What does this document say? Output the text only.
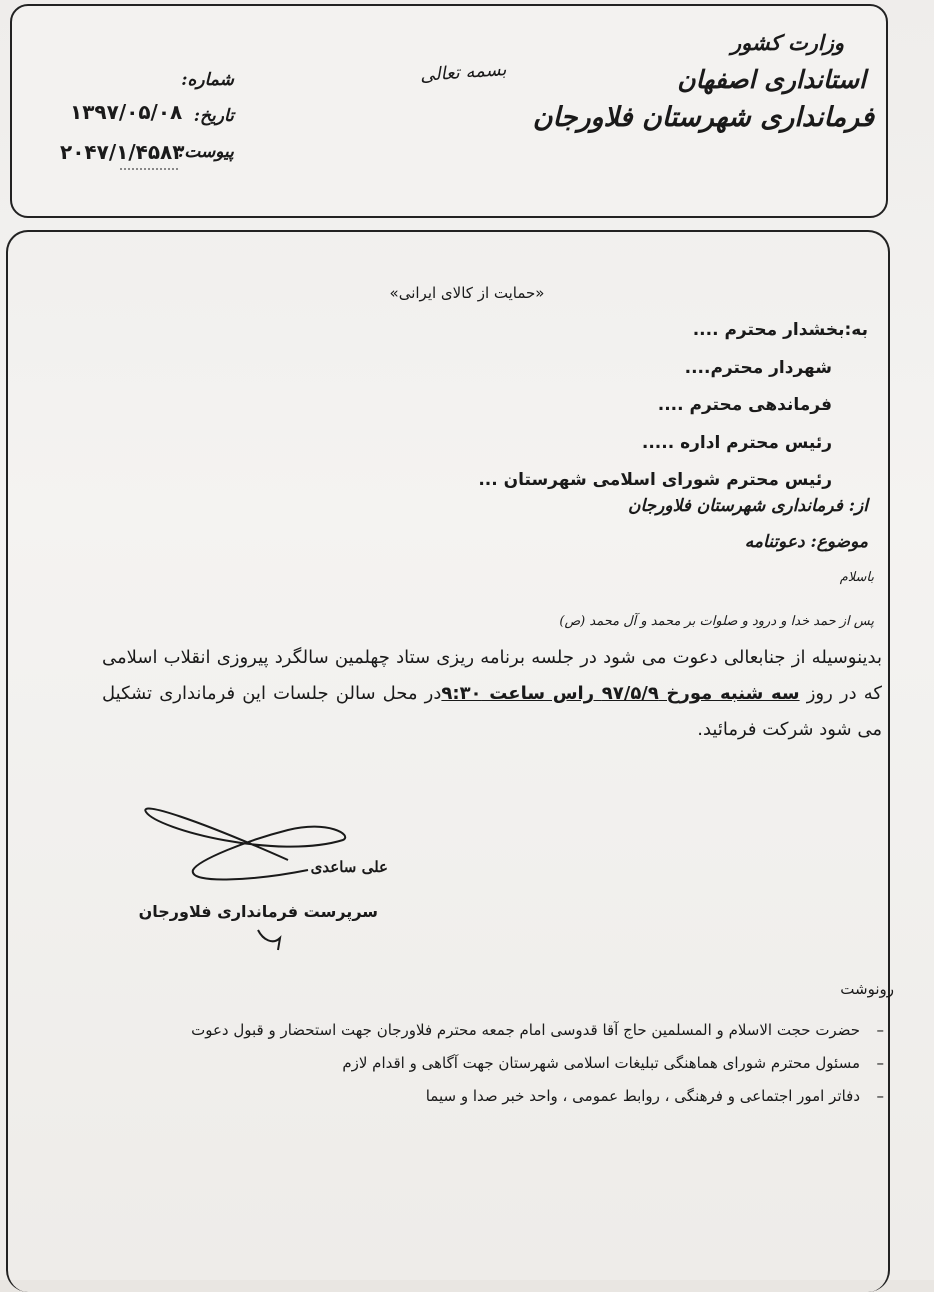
وزارت کشور
استانداری اصفهان
فرمانداری شهرستان فلاورجان
بسمه تعالی
شماره:
تاریخ:
پیوست:
۱۳۹۷/۰۵/۰۸
۲۰۴۷/۱/۴۵۸۳
«حمایت از کالای ایرانی»
به:بخشدار محترم ....
شهردار محترم....
فرماندهی محترم ....
رئیس محترم اداره .....
رئیس محترم شورای اسلامی شهرستان ...
از: فرمانداری شهرستان فلاورجان
موضوع: دعوتنامه
باسلام
پس از حمد خدا و درود و صلوات بر محمد و آل محمد (ص)
بدینوسیله از جنابعالی دعوت می شود در جلسه برنامه ریزی ستاد چهلمین سالگرد پیروزی انقلاب اسلامی که در روز سه شنبه مورخ ۹۷/۵/۹ راس ساعت ۹:۳۰در محل سالن جلسات این فرمانداری تشکیل می شود شرکت فرمائید.
علی ساعدی
سرپرست فرمانداری فلاورجان
رونوشت
–
حضرت حجت الاسلام و المسلمین حاج آقا قدوسی امام جمعه محترم فلاورجان جهت استحضار و قبول دعوت
–
مسئول محترم شورای هماهنگی تبلیغات اسلامی شهرستان جهت آگاهی و اقدام لازم
–
دفاتر امور اجتماعی و فرهنگی ، روابط عمومی ، واحد خبر صدا و سیما
